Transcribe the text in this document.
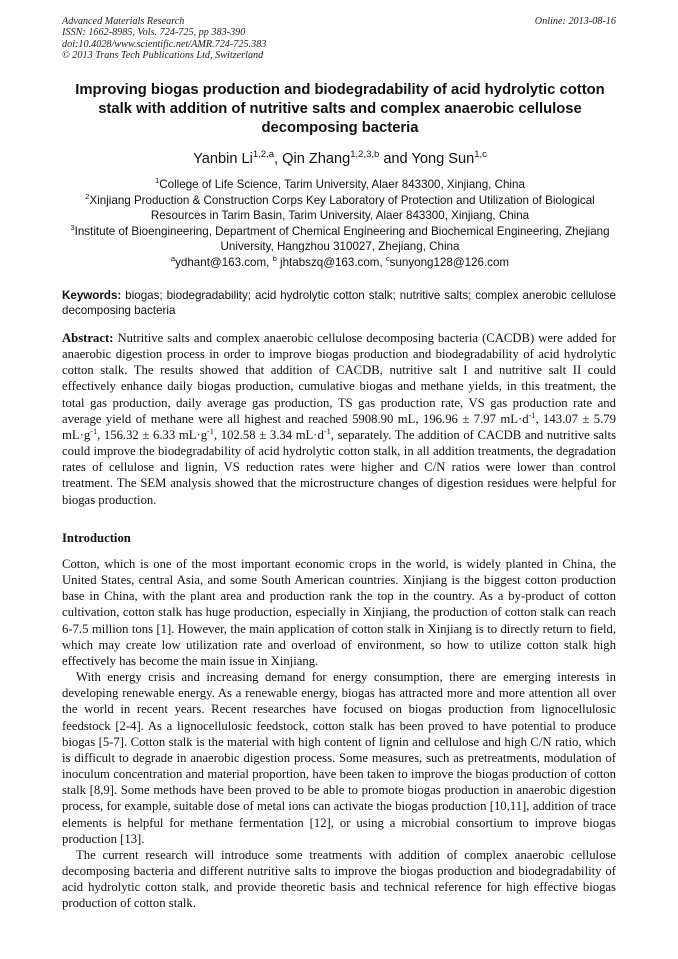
Advanced Materials Research
ISSN: 1662-8985, Vols. 724-725, pp 383-390
doi:10.4028/www.scientific.net/AMR.724-725.383
© 2013 Trans Tech Publications Ltd, Switzerland
Online: 2013-08-16
Improving biogas production and biodegradability of acid hydrolytic cotton stalk with addition of nutritive salts and complex anaerobic cellulose decomposing bacteria

Yanbin Li$^{1,2,a}$, Qin Zhang$^{1,2,3,b}$ and Yong Sun$^{1,c}$

$^1$College of Life Science, Tarim University, Alaer 843300, Xinjiang, China

$^2$Xinjiang Production & Construction Corps Key Laboratory of Protection and Utilization of Biological Resources in Tarim Basin, Tarim University, Alaer 843300, Xinjiang, China

$^3$Institute of Bioengineering, Department of Chemical Engineering and Biochemical Engineering, Zhejiang University, Hangzhou 310027, Zhejiang, China

$^a$ydhant@163.com, $^b$ jhtabszq@163.com, $^c$sunyong128@126.com

Keywords: biogas; biodegradability; acid hydrolytic cotton stalk; nutritive salts; complex anerobic cellulose decomposing bacteria

Abstract: Nutritive salts and complex anaerobic cellulose decomposing bacteria (CACDB) were added for anaerobic digestion process in order to improve biogas production and biodegradability of acid hydrolytic cotton stalk. The results showed that addition of CACDB, nutritive salt I and nutritive salt II could effectively enhance daily biogas production, cumulative biogas and methane yields, in this treatment, the total gas production, daily average gas production, TS gas production rate, VS gas production rate and average yield of methane were all highest and reached 5908.90 mL, 196.96 ± 7.97 $mL\cdot d^{-1}$, 143.07 ± 5.79 $mL\cdot g^{-1}$, 156.32 ± 6.33 $mL\cdot g^{-1}$, 102.58 ± 3.34 $mL\cdot d^{-1}$, separately. The addition of CACDB and nutritive salts could improve the biodegradability of acid hydrolytic cotton stalk, in all addition treatments, the degradation rates of cellulose and lignin, VS reduction rates were higher and C/N ratios were lower than control treatment. The SEM analysis showed that the microstructure changes of digestion residues were helpful for biogas production.

Introduction

Cotton, which is one of the most important economic crops in the world, is widely planted in China, the United States, central Asia, and some South American countries. Xinjiang is the biggest cotton production base in China, with the plant area and production rank the top in the country. As a by-product of cotton cultivation, cotton stalk has huge production, especially in Xinjiang, the production of cotton stalk can reach 6-7.5 million tons [1]. However, the main application of cotton stalk in Xinjiang is to directly return to field, which may create low utilization rate and overload of environment, so how to utilize cotton stalk high effectively has become the main issue in Xinjiang.

With energy crisis and increasing demand for energy consumption, there are emerging interests in developing renewable energy. As a renewable energy, biogas has attracted more and more attention all over the world in recent years. Recent researches have focused on biogas production from lignocellulosic feedstock [2-4]. As a lignocellulosic feedstock, cotton stalk has been proved to have potential to produce biogas [5-7]. Cotton stalk is the material with high content of lignin and cellulose and high C/N ratio, which is difficult to degrade in anaerobic digestion process. Some measures, such as pretreatments, modulation of inoculum concentration and material proportion, have been taken to improve the biogas production of cotton stalk [8,9]. Some methods have been proved to be able to promote biogas production in anaerobic digestion process, for example, suitable dose of metal ions can activate the biogas production [10,11], addition of trace elements is helpful for methane fermentation [12], or using a microbial consortium to improve biogas production [13].

The current research will introduce some treatments with addition of complex anaerobic cellulose decomposing bacteria and different nutritive salts to improve the biogas production and biodegradability of acid hydrolytic cotton stalk, and provide theoretic basis and technical reference for high effective biogas production of cotton stalk.
